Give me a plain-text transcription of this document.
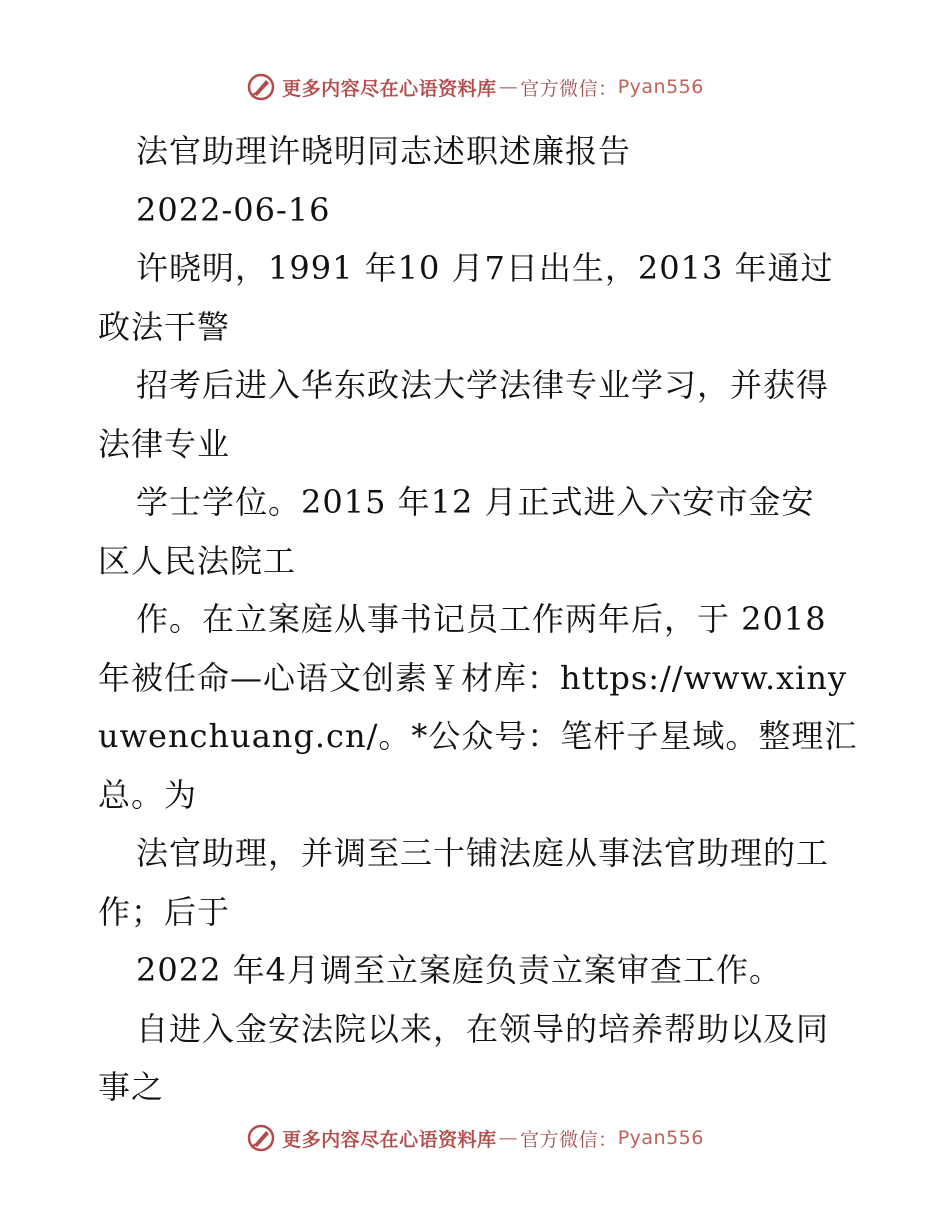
更多内容尽在心语资料库 — 官方微信： Pyan556
法官助理许晓明同志述职述廉报告
2022-06-16
许晓明，1991 年10 月7日出生，2013 年通过
政法干警
招考后进入华东政法大学法律专业学习，并获得
法律专业
学士学位。2015 年12 月正式进入六安市金安
区人民法院工
作。在立案庭从事书记员工作两年后，于 2018
年被任命—心语文创素￥材库：https://www.xiny
uwenchuang.cn/。*公众号：笔杆子星域。整理汇
总。为
法官助理，并调至三十铺法庭从事法官助理的工
作；后于
2022 年4月调至立案庭负责立案审查工作。
自进入金安法院以来，在领导的培养帮助以及同
事之
更多内容尽在心语资料库 — 官方微信： Pyan556
